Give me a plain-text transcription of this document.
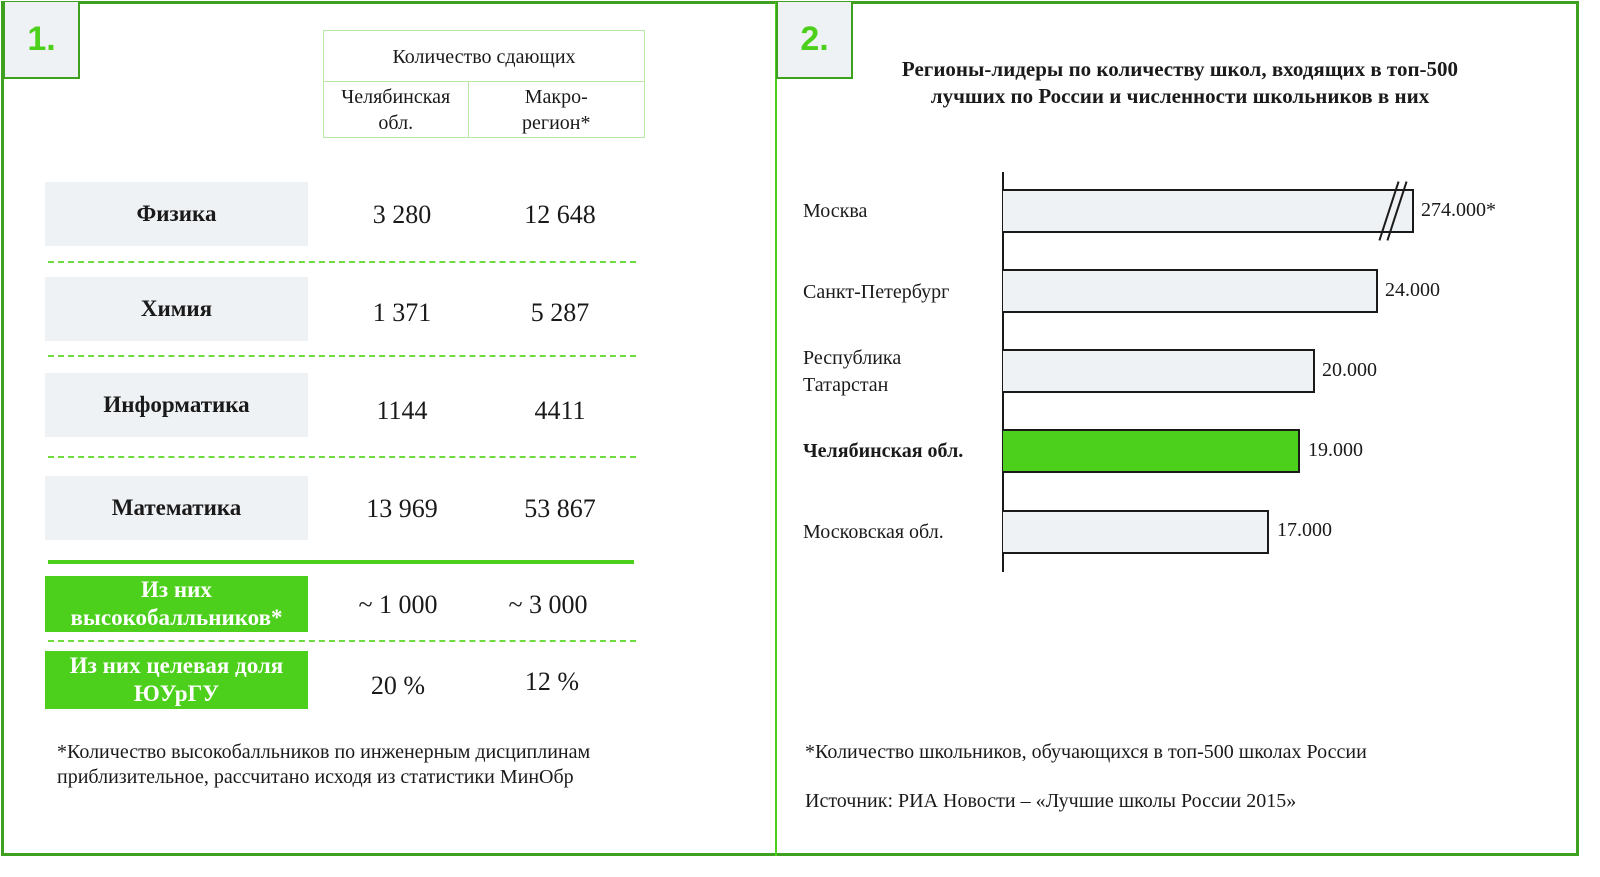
1.	Количество сдающих
Челябинская обл.
Макро-регион*
Физика	3 280	12 648
Химия	1 371	5 287
Информатика	1144	4411
Математика	13 969	53 867
Из них высокобалльников*	~ 1 000	~ 3 000
Из них целевая доля ЮУрГУ	20 %	12 %
*Количество высокобалльников по инженерным дисциплинам приблизительное, рассчитано исходя из статистики МинОбр
2.
Регионы-лидеры по количеству школ, входящих в топ-500 лучших по России и численности школьников в них
Москва	274.000*
Санкт-Петербург	24.000
Республика Татарстан
20.000
Челябинская обл.	19.000
Московская обл.	17.000
*Количество школьников, обучающихся в топ-500 школах России
Источник: РИА Новости – «Лучшие школы России 2015»
